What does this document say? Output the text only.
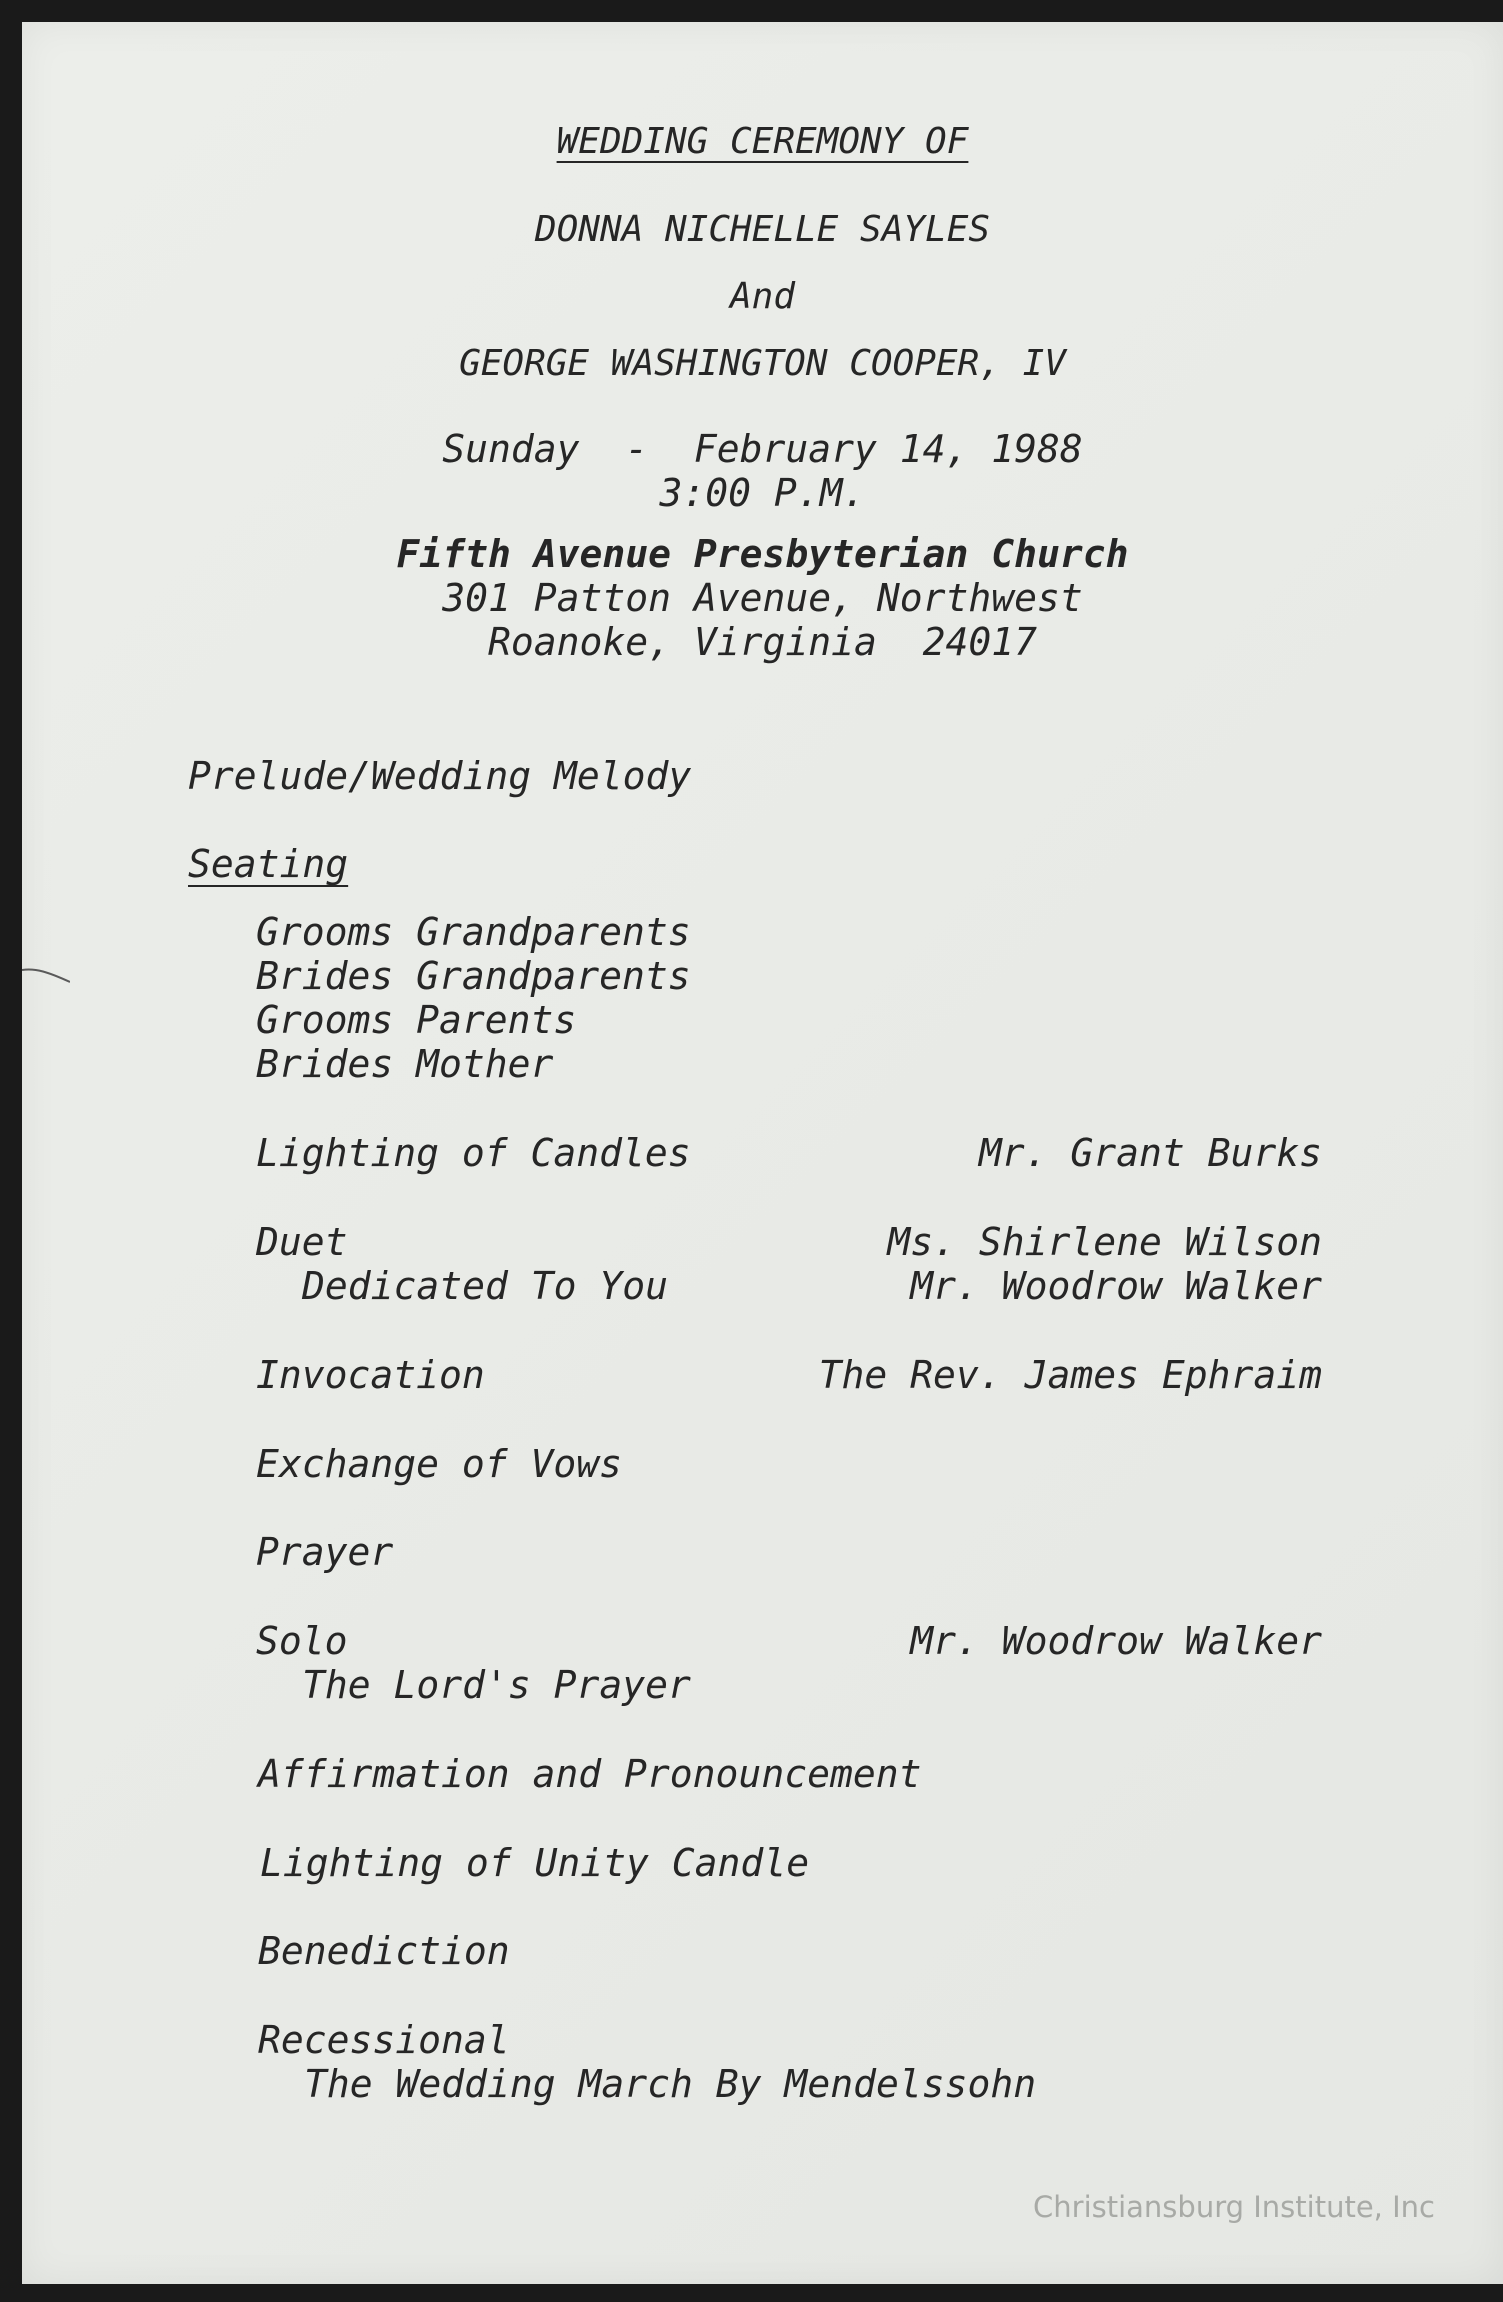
WEDDING CEREMONY OF
DONNA NICHELLE SAYLES
And
GEORGE WASHINGTON COOPER, IV
Sunday  -  February 14, 1988
3:00 P.M.
Fifth Avenue Presbyterian Church
301 Patton Avenue, Northwest
Roanoke, Virginia  24017
Prelude/Wedding Melody
Seating
Grooms Grandparents
Brides Grandparents
Grooms Parents
Brides Mother
Lighting of Candles	Mr. Grant Burks
Duet
Dedicated To You
Ms. Shirlene Wilson
Mr. Woodrow Walker
Invocation	The Rev. James Ephraim
Exchange of Vows
Prayer
Solo
The Lord's Prayer
Mr. Woodrow Walker
Affirmation and Pronouncement
Lighting of Unity Candle
Benediction
Recessional
The Wedding March By Mendelssohn
Christiansburg Institute, Inc
